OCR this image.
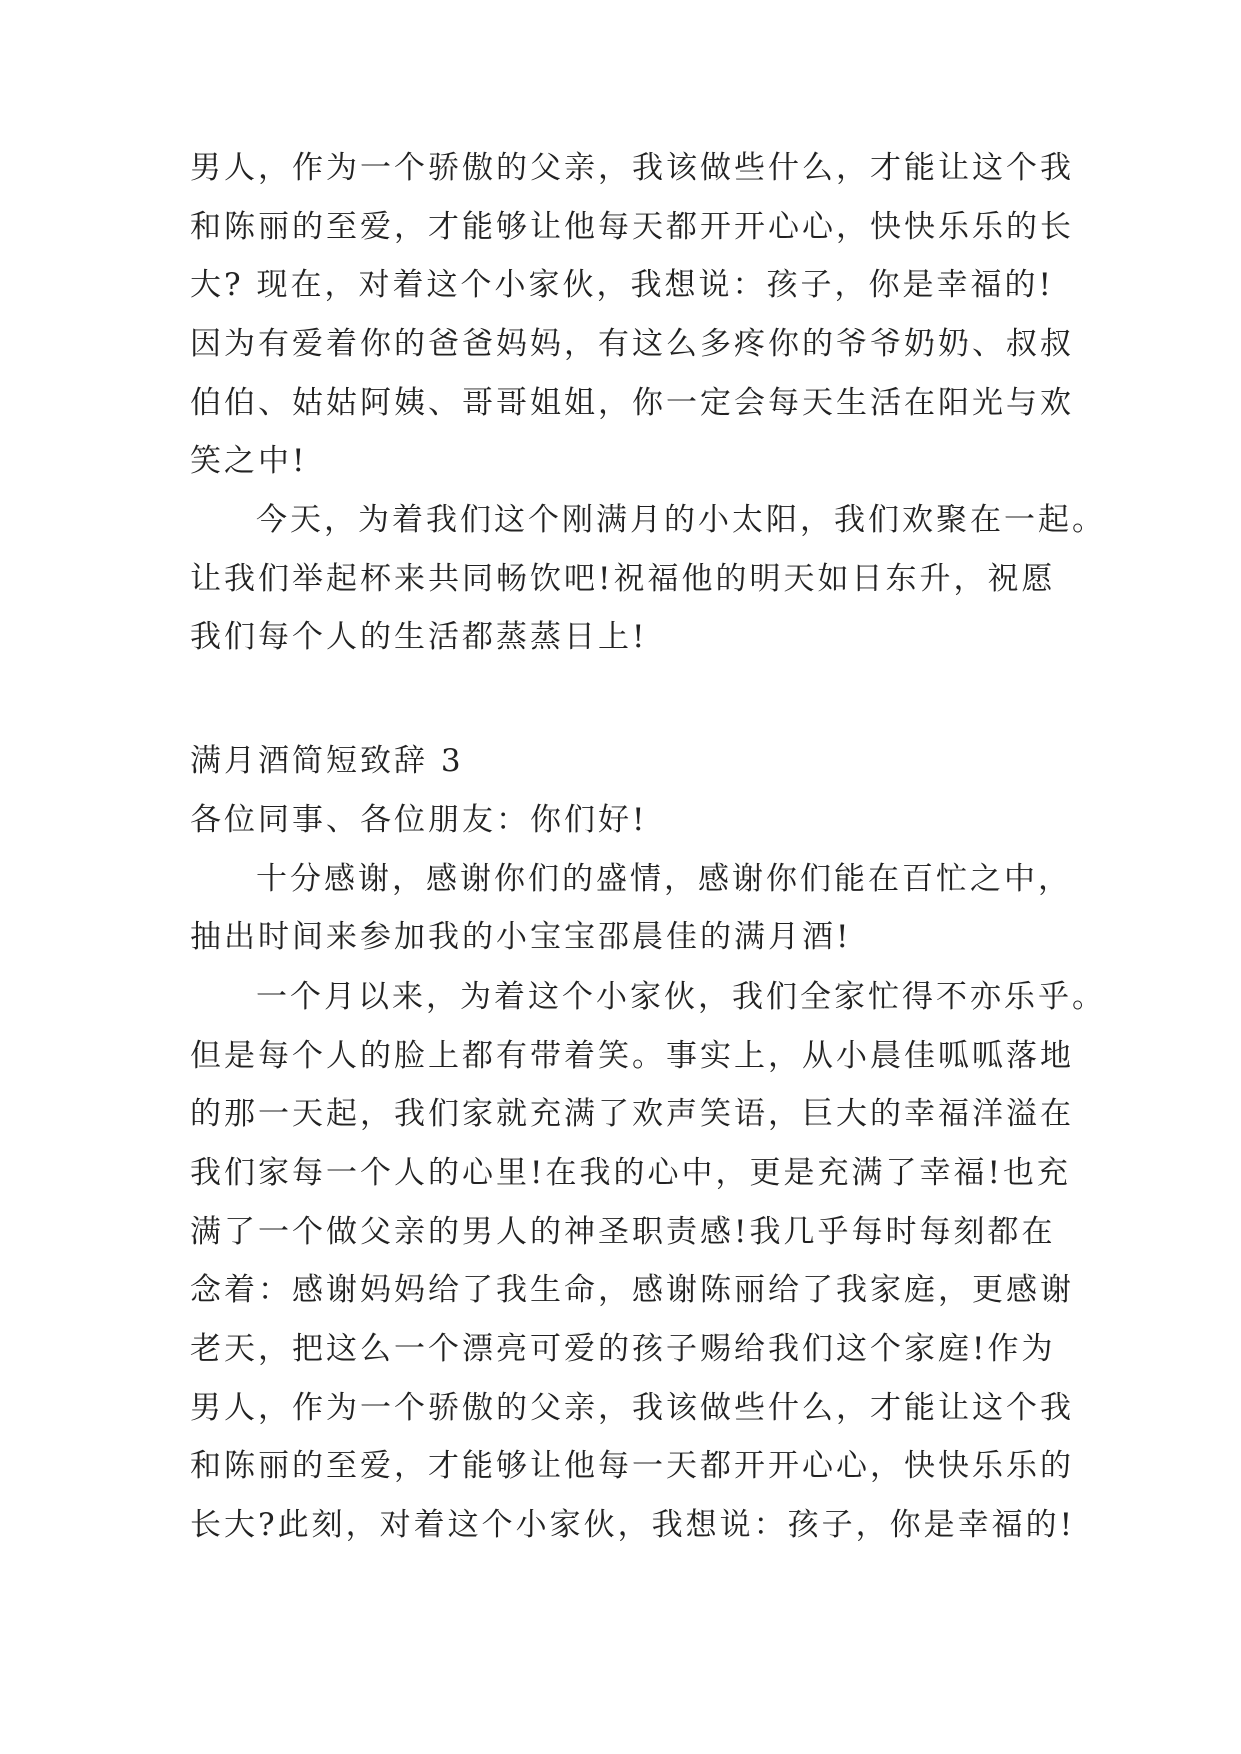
男人，作为一个骄傲的父亲，我该做些什么，才能让这个我
和陈丽的至爱，才能够让他每天都开开心心，快快乐乐的长
大? 现在，对着这个小家伙，我想说：孩子，你是幸福的!
因为有爱着你的爸爸妈妈，有这么多疼你的爷爷奶奶、叔叔
伯伯、姑姑阿姨、哥哥姐姐，你一定会每天生活在阳光与欢
笑之中!
今天，为着我们这个刚满月的小太阳，我们欢聚在一起。
让我们举起杯来共同畅饮吧!祝福他的明天如日东升，祝愿
我们每个人的生活都蒸蒸日上!
满月酒简短致辞 3
各位同事、各位朋友：你们好!
十分感谢，感谢你们的盛情，感谢你们能在百忙之中，
抽出时间来参加我的小宝宝邵晨佳的满月酒!
一个月以来，为着这个小家伙，我们全家忙得不亦乐乎。
但是每个人的脸上都有带着笑。事实上，从小晨佳呱呱落地
的那一天起，我们家就充满了欢声笑语，巨大的幸福洋溢在
我们家每一个人的心里!在我的心中，更是充满了幸福!也充
满了一个做父亲的男人的神圣职责感!我几乎每时每刻都在
念着：感谢妈妈给了我生命，感谢陈丽给了我家庭，更感谢
老天，把这么一个漂亮可爱的孩子赐给我们这个家庭!作为
男人，作为一个骄傲的父亲，我该做些什么，才能让这个我
和陈丽的至爱，才能够让他每一天都开开心心，快快乐乐的
长大?此刻，对着这个小家伙，我想说：孩子，你是幸福的!
